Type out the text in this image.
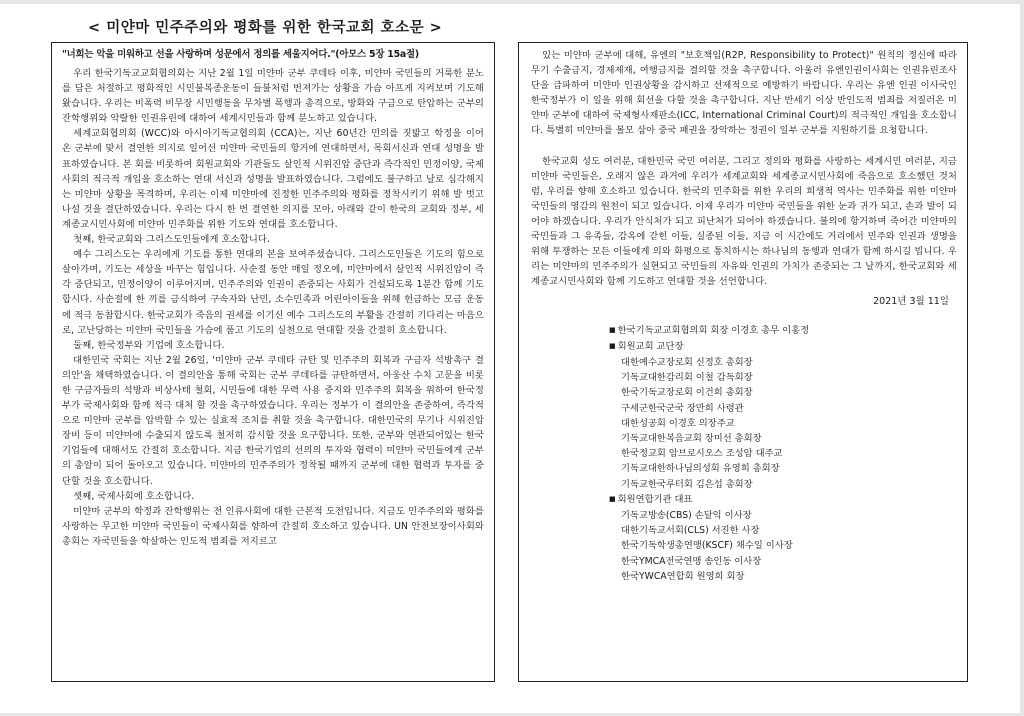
< 미얀마 민주주의와 평화를 위한 한국교회 호소문 >
"너희는 악을 미워하고 선을 사랑하며 성문에서 정의를 세울지어다."(아모스 5장 15a절)

우리 한국기독교교회협의회는 지난 2월 1일 미얀마 군부 쿠데타 이후, 미얀마 국민들의 거룩한 분노를 담은 처절하고 평화적인 시민불복종운동이 들불처럼 번져가는 상황을 가슴 아프게 지켜보며 기도해 왔습니다. 우리는 비폭력 비무장 시민행동을 무차별 폭행과 총격으로, 방화와 구금으로 탄압하는 군부의 잔학행위와 악랄한 인권유린에 대하여 세계시민들과 함께 분노하고 있습니다.

세계교회협의회 (WCC)와 아시아기독교협의회 (CCA)는, 지난 60년간 민의를 짓밟고 학정을 이어 온 군부에 맞서 결연한 의지로 일어선 미얀마 국민들의 항거에 연대하면서, 목회서신과 연대 성명을 발표하였습니다. 본 회를 비롯하여 회원교회와 기관들도 살인적 시위진압 중단과 즉각적인 민정이양, 국제사회의 적극적 개입을 호소하는 연대 서신과 성명을 발표하였습니다. 그럼에도 불구하고 날로 심각해지는 미얀마 상황을 목격하며, 우리는 이제 미얀마에 진정한 민주주의와 평화를 정착시키기 위해 발 벗고 나설 것을 결단하였습니다. 우리는 다시 한 번 결연한 의지를 모아, 아래와 같이 한국의 교회와 정부, 세계종교시민사회에 미얀마 민주화를 위한 기도와 연대를 호소합니다.

첫째, 한국교회와 그리스도인들에게 호소합니다.

예수 그리스도는 우리에게 기도를 통한 연대의 본을 보여주셨습니다. 그리스도인들은 기도의 힘으로 살아가며, 기도는 세상을 바꾸는 힘입니다. 사순절 동안 매일 정오에, 미얀마에서 살인적 시위진압이 즉각 중단되고, 민정이양이 이루어지며, 민주주의와 인권이 존중되는 사회가 건설되도록 1분간 함께 기도합시다. 사순절에 한 끼를 금식하여 구속자와 난민, 소수민족과 어린아이들을 위해 헌금하는 모금 운동에 적극 동참합시다. 한국교회가 죽음의 권세를 이기신 예수 그리스도의 부활을 간절히 기다리는 마음으로, 고난당하는 미얀마 국민들을 가슴에 품고 기도의 실천으로 연대할 것을 간절히 호소합니다.

둘째, 한국정부와 기업에 호소합니다.

대한민국 국회는 지난 2월 26일, '미얀마 군부 쿠데타 규탄 및 민주주의 회복과 구금자 석방촉구 결의안'을 채택하였습니다. 이 결의안을 통해 국회는 군부 쿠데타를 규탄하면서, 아웅산 수치 고문을 비롯한 구금자들의 석방과 비상사태 철회, 시민들에 대한 무력 사용 중지와 민주주의 회복을 위하여 한국정부가 국제사회와 함께 적극 대처 할 것을 촉구하였습니다. 우리는 정부가 이 결의안을 존중하여, 즉각적으로 미얀마 군부를 압박할 수 있는 실효적 조치를 취할 것을 촉구합니다. 대한민국의 무기나 시위진압 장비 등이 미얀마에 수출되지 않도록 철저히 감시할 것을 요구합니다. 또한, 군부와 연관되어있는 한국 기업들에 대해서도 간절히 호소합니다. 지금 한국기업의 선의의 투자와 협력이 미얀마 국민들에게 군부의 총알이 되어 돌아오고 있습니다. 미얀마의 민주주의가 정착될 때까지 군부에 대한 협력과 투자를 중단할 것을 호소합니다.

셋째, 국제사회에 호소합니다.

미얀마 군부의 학정과 잔학행위는 전 인류사회에 대한 근본적 도전입니다. 지금도 민주주의와 평화를 사랑하는 무고한 미얀마 국민들이 국제사회를 향하여 간절히 호소하고 있습니다. UN 안전보장이사회와 총회는 자국민들을 학살하는 인도적 범죄를 저지르고

있는 미얀마 군부에 대해, 유엔의 "보호책임(R2P, Responsibility to Protect)" 원칙의 정신에 따라 무기 수출금지, 경제제재, 여행금지를 결의할 것을 촉구합니다. 아울러 유엔인권이사회는 인권유린조사단을 급파하여 미얀마 인권상황을 감시하고 선제적으로 예방하기 바랍니다. 우리는 유엔 인권 이사국인 한국정부가 이 일을 위해 회선을 다할 것을 촉구합니다. 지난 반세기 이상 반인도적 범죄를 저질러온 미얀마 군부에 대하여 국제형사재판소(ICC, International Criminal Court)의 적극적인 개입을 호소합니다. 특별히 미얀마를 볼모 삼아 중국 패권을 장악하는 정권이 일부 군부를 지원하기를 요청합니다.

한국교회 성도 여러분, 대한민국 국민 여러분, 그리고 정의와 평화를 사랑하는 세계시민 여러분, 지금 미얀마 국민들은, 오래지 않은 과거에 우리가 세계교회와 세계종교시민사회에 죽음으로 호소했던 것처럼, 우리를 향해 호소하고 있습니다. 한국의 민주화를 위한 우리의 희생적 역사는 민주화를 위한 미얀마 국민들의 영감의 원천이 되고 있습니다. 이제 우리가 미얀마 국민들을 위한 눈과 귀가 되고, 손과 발이 되어야 하겠습니다. 우리가 안식처가 되고 피난처가 되어야 하겠습니다. 불의에 항거하며 죽어간 미얀마의 국민들과 그 유족들, 감옥에 갇힌 이들, 실종된 이들, 지금 이 시간에도 거리에서 민주와 인권과 생명을 위해 투쟁하는 모든 이들에게 의와 화평으로 통치하시는 하나님의 동행과 연대가 함께 하시길 빕니다. 우리는 미얀마의 민주주의가 실현되고 국민들의 자유와 인권의 가치가 존중되는 그 날까지, 한국교회와 세계종교시민사회와 함께 기도하고 연대할 것을 선언합니다.

2021년 3월 11일
■ 한국기독교교회협의회 회장 이경호 총무 이홍정
■ 회원교회 교단장
대한예수교장로회 신정호 총회장
기독교대한감리회 이철 감독회장
한국기독교장로회 이건희 총회장
구세군한국군국 장만희 사령관
대한성공회 이경호 의장주교
기독교대한복음교회 장미선 총회장
한국정교회 암브로시오스 조성암 대주교
기독교대한하나님의성회 유영희 총회장
기독교한국루터회 김은섭 총회장
■ 회원연합기관 대표
기독교방송(CBS) 손달익 이사장
대한기독교서회(CLS) 서진한 사장
한국기독학생총연맹(KSCF) 채수일 이사장
한국YMCA전국연맹 송인동 이사장
한국YWCA연합회 원영희 회장
